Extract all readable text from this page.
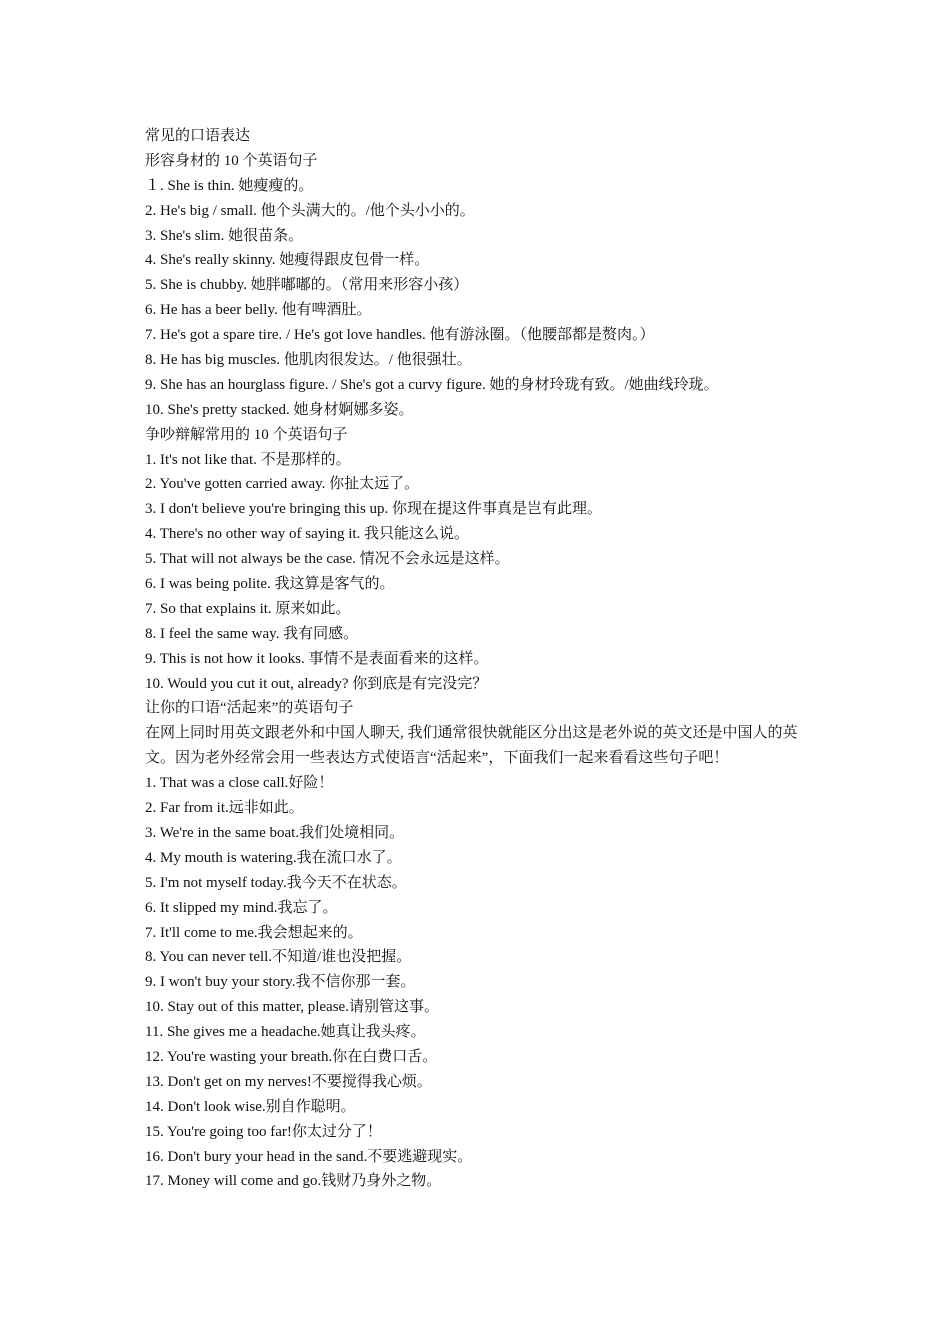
常见的口语表达
形容身材的 10 个英语句子
１. She is thin. 她瘦瘦的。
2. He's big / small. 他个头满大的。/他个头小小的。
3. She's slim. 她很苗条。
4. She's really skinny. 她瘦得跟皮包骨一样。
5. She is chubby. 她胖嘟嘟的。（常用来形容小孩）
6. He has a beer belly. 他有啤酒肚。
7. He's got a spare tire. / He's got love handles. 他有游泳圈。（他腰部都是赘肉。）
8. He has big muscles. 他肌肉很发达。/ 他很强壮。
9. She has an hourglass figure. / She's got a curvy figure. 她的身材玲珑有致。/她曲线玲珑。
10. She's pretty stacked. 她身材婀娜多姿。
争吵辩解常用的 10 个英语句子
1. It's not like that. 不是那样的。
2. You've gotten carried away. 你扯太远了。
3. I don't believe you're bringing this up. 你现在提这件事真是岂有此理。
4. There's no other way of saying it. 我只能这么说。
5. That will not always be the case. 情况不会永远是这样。
6. I was being polite. 我这算是客气的。
7. So that explains it. 原来如此。
8. I feel the same way. 我有同感。
9. This is not how it looks. 事情不是表面看来的这样。
10. Would you cut it out, already? 你到底是有完没完？
让你的口语“活起来”的英语句子
在网上同时用英文跟老外和中国人聊天, 我们通常很快就能区分出这是老外说的英文还是中国人的英文。因为老外经常会用一些表达方式使语言“活起来”，下面我们一起来看看这些句子吧！
1. That was a close call.好险！
2. Far from it.远非如此。
3. We're in the same boat.我们处境相同。
4. My mouth is watering.我在流口水了。
5. I'm not myself today.我今天不在状态。
6. It slipped my mind.我忘了。
7. It'll come to me.我会想起来的。
8. You can never tell.不知道/谁也没把握。
9. I won't buy your story.我不信你那一套。
10. Stay out of this matter, please.请别管这事。
11. She gives me a headache.她真让我头疼。
12. You're wasting your breath.你在白费口舌。
13. Don't get on my nerves!不要搅得我心烦。
14. Don't look wise.别自作聪明。
15. You're going too far!你太过分了！
16. Don't bury your head in the sand.不要逃避现实。
17. Money will come and go.钱财乃身外之物。
